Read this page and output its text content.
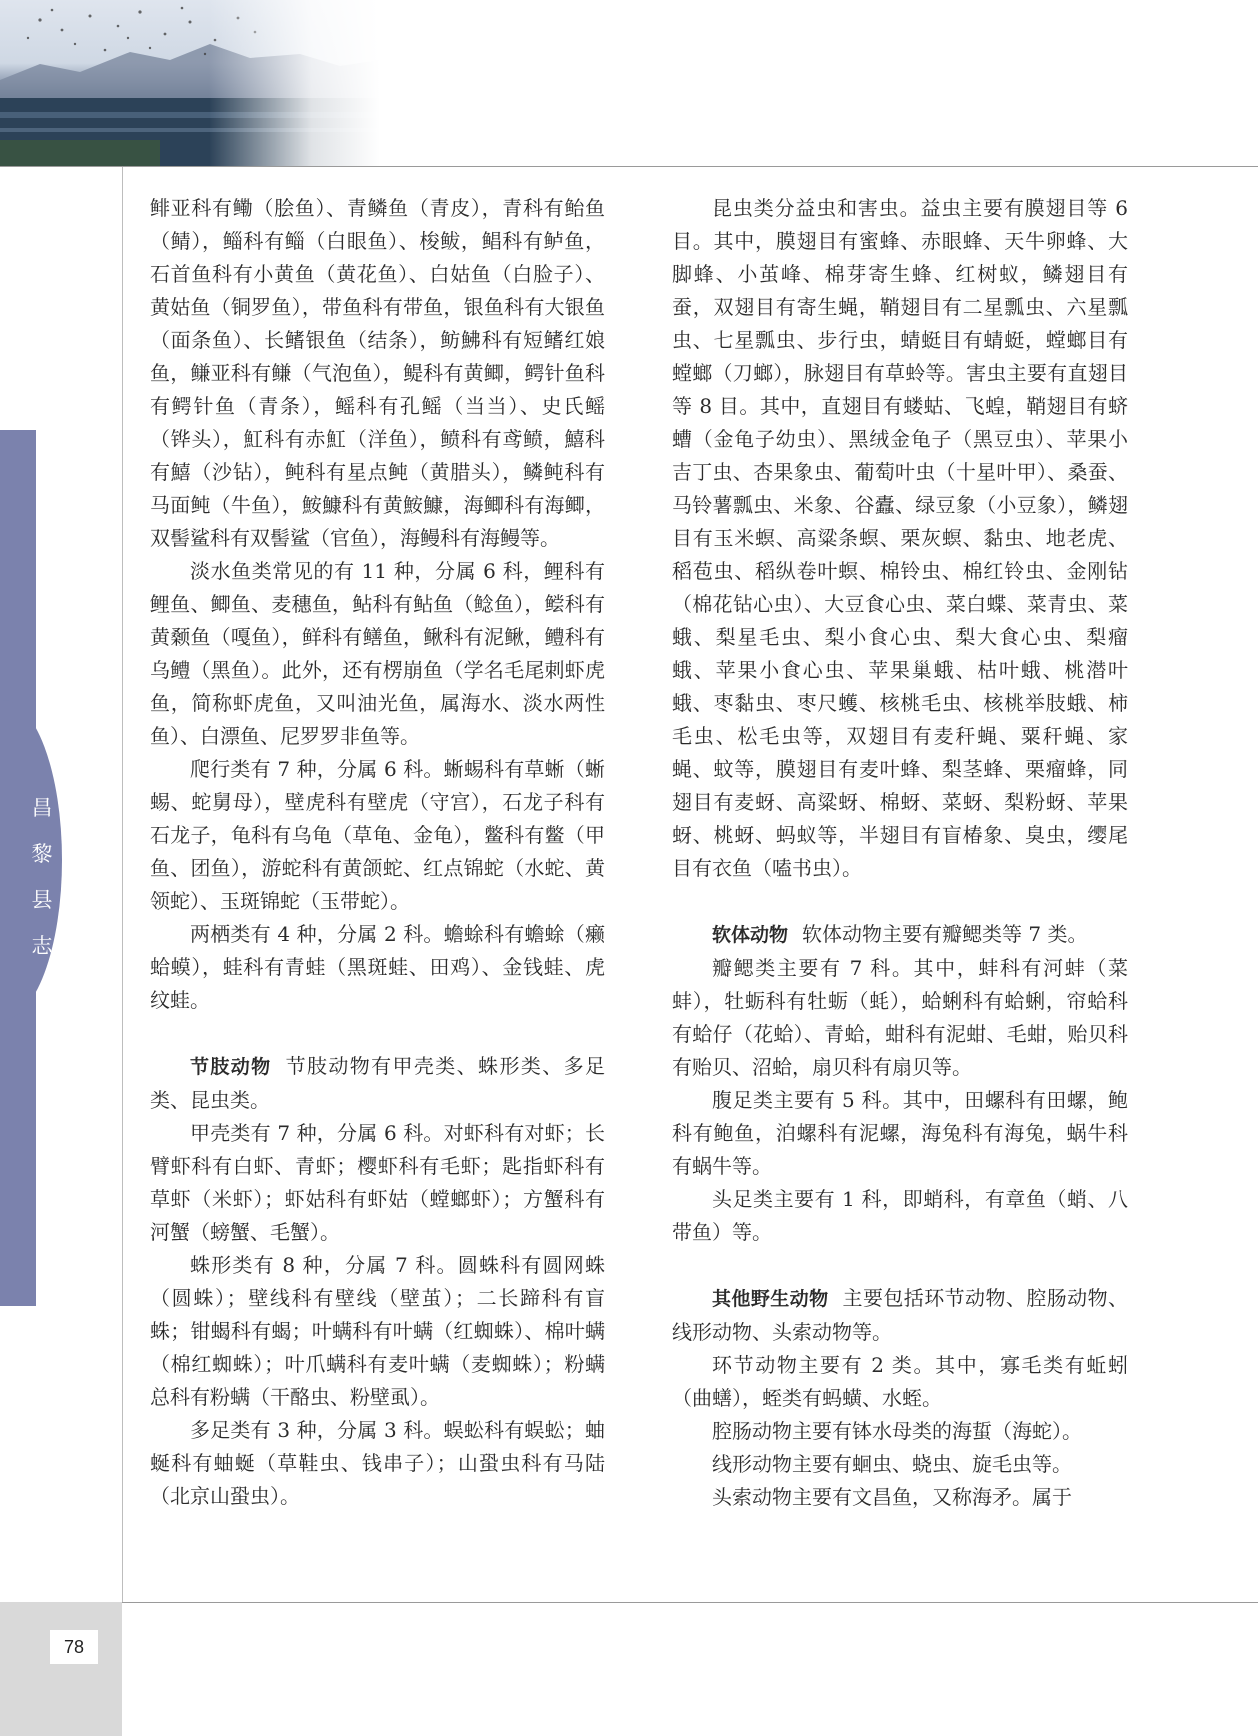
昌
黎
县
志

鲱亚科有鳓（脍鱼）、青鳞鱼（青皮），青科有鲐鱼（鲭），鲻科有鲻（白眼鱼）、梭鲅，鲳科有鲈鱼，石首鱼科有小黄鱼（黄花鱼）、白姑鱼（白脸子）、黄姑鱼（铜罗鱼），带鱼科有带鱼，银鱼科有大银鱼（面条鱼）、长鳍银鱼（结条），鲂鮄科有短鳍红娘鱼，鳒亚科有鳒（气泡鱼），鳀科有黄鲫，鳄针鱼科有鳄针鱼（青条），鳐科有孔鳐（当当）、史氏鳐（铧头），魟科有赤魟（洋鱼），鲼科有鸢鲼，鱚科有鱚（沙钻），鲀科有星点鲀（黄腊头），鳞鲀科有马面鲀（牛鱼），鮟鱇科有黄鮟鱇，海鲫科有海鲫，双髻鲨科有双髻鲨（官鱼），海鳗科有海鳗等。

淡水鱼类常见的有 11 种，分属 6 科，鲤科有鲤鱼、鲫鱼、麦穗鱼，鲇科有鲇鱼（鲶鱼），鲿科有黄颡鱼（嘎鱼），鲜科有鳝鱼，鳅科有泥鳅，鳢科有乌鳢（黑鱼）。此外，还有楞崩鱼（学名毛尾刺虾虎鱼，简称虾虎鱼，又叫油光鱼，属海水、淡水两性鱼）、白漂鱼、尼罗罗非鱼等。

爬行类有 7 种，分属 6 科。蜥蜴科有草蜥（蜥蜴、蛇舅母），壁虎科有壁虎（守宫），石龙子科有石龙子，龟科有乌龟（草龟、金龟），鳖科有鳖（甲鱼、团鱼），游蛇科有黄颌蛇、红点锦蛇（水蛇、黄领蛇）、玉斑锦蛇（玉带蛇）。

两栖类有 4 种，分属 2 科。蟾蜍科有蟾蜍（癞蛤蟆），蛙科有青蛙（黑斑蛙、田鸡）、金钱蛙、虎纹蛙。

节肢动物 节肢动物有甲壳类、蛛形类、多足类、昆虫类。

甲壳类有 7 种，分属 6 科。对虾科有对虾；长臂虾科有白虾、青虾；樱虾科有毛虾；匙指虾科有草虾（米虾）；虾姑科有虾姑（螳螂虾）；方蟹科有河蟹（螃蟹、毛蟹）。

蛛形类有 8 种，分属 7 科。圆蛛科有圆网蛛（圆蛛）；壁线科有壁线（壁茧）；二长蹄科有盲蛛；钳蝎科有蝎；叶螨科有叶螨（红蜘蛛）、棉叶螨（棉红蜘蛛）；叶爪螨科有麦叶螨（麦蜘蛛）；粉螨总科有粉螨（干酪虫、粉壁虱）。

多足类有 3 种，分属 3 科。蜈蚣科有蜈蚣；蚰蜒科有蚰蜒（草鞋虫、钱串子）；山蛩虫科有马陆（北京山蛩虫）。

昆虫类分益虫和害虫。益虫主要有膜翅目等 6 目。其中，膜翅目有蜜蜂、赤眼蜂、天牛卵蜂、大脚蜂、小茧峰、棉芽寄生蜂、红树蚁，鳞翅目有蚕，双翅目有寄生蝇，鞘翅目有二星瓢虫、六星瓢虫、七星瓢虫、步行虫，蜻蜓目有蜻蜓，螳螂目有螳螂（刀螂），脉翅目有草蛉等。害虫主要有直翅目等 8 目。其中，直翅目有蝼蛄、飞蝗，鞘翅目有蛴螬（金龟子幼虫）、黑绒金龟子（黑豆虫）、苹果小吉丁虫、杏果象虫、葡萄叶虫（十星叶甲）、桑蚕、马铃薯瓢虫、米象、谷蠹、绿豆象（小豆象），鳞翅目有玉米螟、高粱条螟、栗灰螟、黏虫、地老虎、稻苞虫、稻纵卷叶螟、棉铃虫、棉红铃虫、金刚钻（棉花钻心虫）、大豆食心虫、菜白蝶、菜青虫、菜蛾、梨星毛虫、梨小食心虫、梨大食心虫、梨瘤蛾、苹果小食心虫、苹果巢蛾、枯叶蛾、桃潜叶蛾、枣黏虫、枣尺蠖、核桃毛虫、核桃举肢蛾、柿毛虫、松毛虫等，双翅目有麦秆蝇、粟秆蝇、家蝇、蚊等，膜翅目有麦叶蜂、梨茎蜂、栗瘤蜂，同翅目有麦蚜、高粱蚜、棉蚜、菜蚜、梨粉蚜、苹果蚜、桃蚜、蚂蚁等，半翅目有盲椿象、臭虫，缨尾目有衣鱼（嗑书虫）。

软体动物 软体动物主要有瓣鳃类等 7 类。

瓣鳃类主要有 7 科。其中，蚌科有河蚌（菜蚌），牡蛎科有牡蛎（蚝），蛤蜊科有蛤蜊，帘蛤科有蛤仔（花蛤）、青蛤，蚶科有泥蚶、毛蚶，贻贝科有贻贝、沼蛤，扇贝科有扇贝等。

腹足类主要有 5 科。其中，田螺科有田螺，鲍科有鲍鱼，泊螺科有泥螺，海兔科有海兔，蜗牛科有蜗牛等。

头足类主要有 1 科，即蛸科，有章鱼（蛸、八带鱼）等。

其他野生动物 主要包括环节动物、腔肠动物、线形动物、头索动物等。

环节动物主要有 2 类。其中，寡毛类有蚯蚓（曲蟮），蛭类有蚂蟥、水蛭。

腔肠动物主要有钵水母类的海蜇（海蛇）。

线形动物主要有蛔虫、蛲虫、旋毛虫等。

头索动物主要有文昌鱼，又称海矛。属于

78
